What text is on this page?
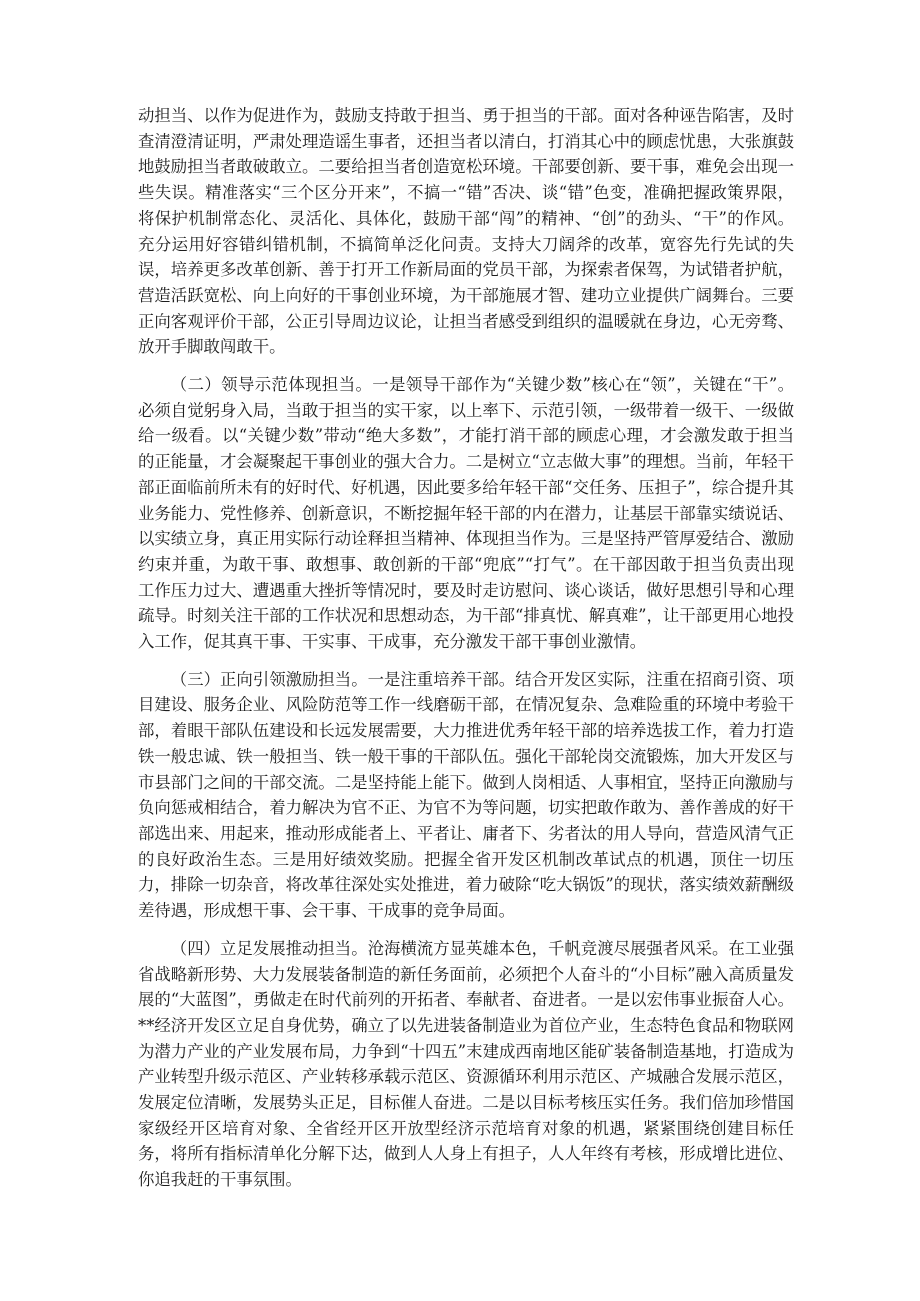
动担当、以作为促进作为，鼓励支持敢于担当、勇于担当的干部。面对各种诬告陷害，及时查清澄清证明，严肃处理造谣生事者，还担当者以清白，打消其心中的顾虑忧患，大张旗鼓地鼓励担当者敢破敢立。二要给担当者创造宽松环境。干部要创新、要干事，难免会出现一些失误。精准落实“三个区分开来”，不搞一“错”否决、谈“错”色变，准确把握政策界限，将保护机制常态化、灵活化、具体化，鼓励干部“闯”的精神、“创”的劲头、“干”的作风。充分运用好容错纠错机制，不搞简单泛化问责。支持大刀阔斧的改革，宽容先行先试的失误，培养更多改革创新、善于打开工作新局面的党员干部，为探索者保驾，为试错者护航，营造活跃宽松、向上向好的干事创业环境，为干部施展才智、建功立业提供广阔舞台。三要正向客观评价干部，公正引导周边议论，让担当者感受到组织的温暖就在身边，心无旁骛、放开手脚敢闯敢干。

（二）领导示范体现担当。一是领导干部作为“关键少数”核心在“领”，关键在“干”。必须自觉躬身入局，当敢于担当的实干家，以上率下、示范引领，一级带着一级干、一级做给一级看。以“关键少数”带动“绝大多数”，才能打消干部的顾虑心理，才会激发敢于担当的正能量，才会凝聚起干事创业的强大合力。二是树立“立志做大事”的理想。当前，年轻干部正面临前所未有的好时代、好机遇，因此要多给年轻干部“交任务、压担子”，综合提升其业务能力、党性修养、创新意识，不断挖掘年轻干部的内在潜力，让基层干部靠实绩说话、以实绩立身，真正用实际行动诠释担当精神、体现担当作为。三是坚持严管厚爱结合、激励约束并重，为敢干事、敢想事、敢创新的干部“兜底”“打气”。在干部因敢于担当负责出现工作压力过大、遭遇重大挫折等情况时，要及时走访慰问、谈心谈话，做好思想引导和心理疏导。时刻关注干部的工作状况和思想动态，为干部“排真忧、解真难”，让干部更用心地投入工作，促其真干事、干实事、干成事，充分激发干部干事创业激情。

（三）正向引领激励担当。一是注重培养干部。结合开发区实际，注重在招商引资、项目建设、服务企业、风险防范等工作一线磨砺干部，在情况复杂、急难险重的环境中考验干部，着眼干部队伍建设和长远发展需要，大力推进优秀年轻干部的培养选拔工作，着力打造铁一般忠诚、铁一般担当、铁一般干事的干部队伍。强化干部轮岗交流锻炼，加大开发区与市县部门之间的干部交流。二是坚持能上能下。做到人岗相适、人事相宜，坚持正向激励与负向惩戒相结合，着力解决为官不正、为官不为等问题，切实把敢作敢为、善作善成的好干部选出来、用起来，推动形成能者上、平者让、庸者下、劣者汰的用人导向，营造风清气正的良好政治生态。三是用好绩效奖励。把握全省开发区机制改革试点的机遇，顶住一切压力，排除一切杂音，将改革往深处实处推进，着力破除“吃大锅饭”的现状，落实绩效薪酬级差待遇，形成想干事、会干事、干成事的竞争局面。

（四）立足发展推动担当。沧海横流方显英雄本色，千帆竞渡尽展强者风采。在工业强省战略新形势、大力发展装备制造的新任务面前，必须把个人奋斗的“小目标”融入高质量发展的“大蓝图”，勇做走在时代前列的开拓者、奉献者、奋进者。一是以宏伟事业振奋人心。**经济开发区立足自身优势，确立了以先进装备制造业为首位产业，生态特色食品和物联网为潜力产业的产业发展布局，力争到“十四五”末建成西南地区能矿装备制造基地，打造成为产业转型升级示范区、产业转移承载示范区、资源循环利用示范区、产城融合发展示范区，发展定位清晰，发展势头正足，目标催人奋进。二是以目标考核压实任务。我们倍加珍惜国家级经开区培育对象、全省经开区开放型经济示范培育对象的机遇，紧紧围绕创建目标任务，将所有指标清单化分解下达，做到人人身上有担子，人人年终有考核，形成增比进位、你追我赶的干事氛围。
